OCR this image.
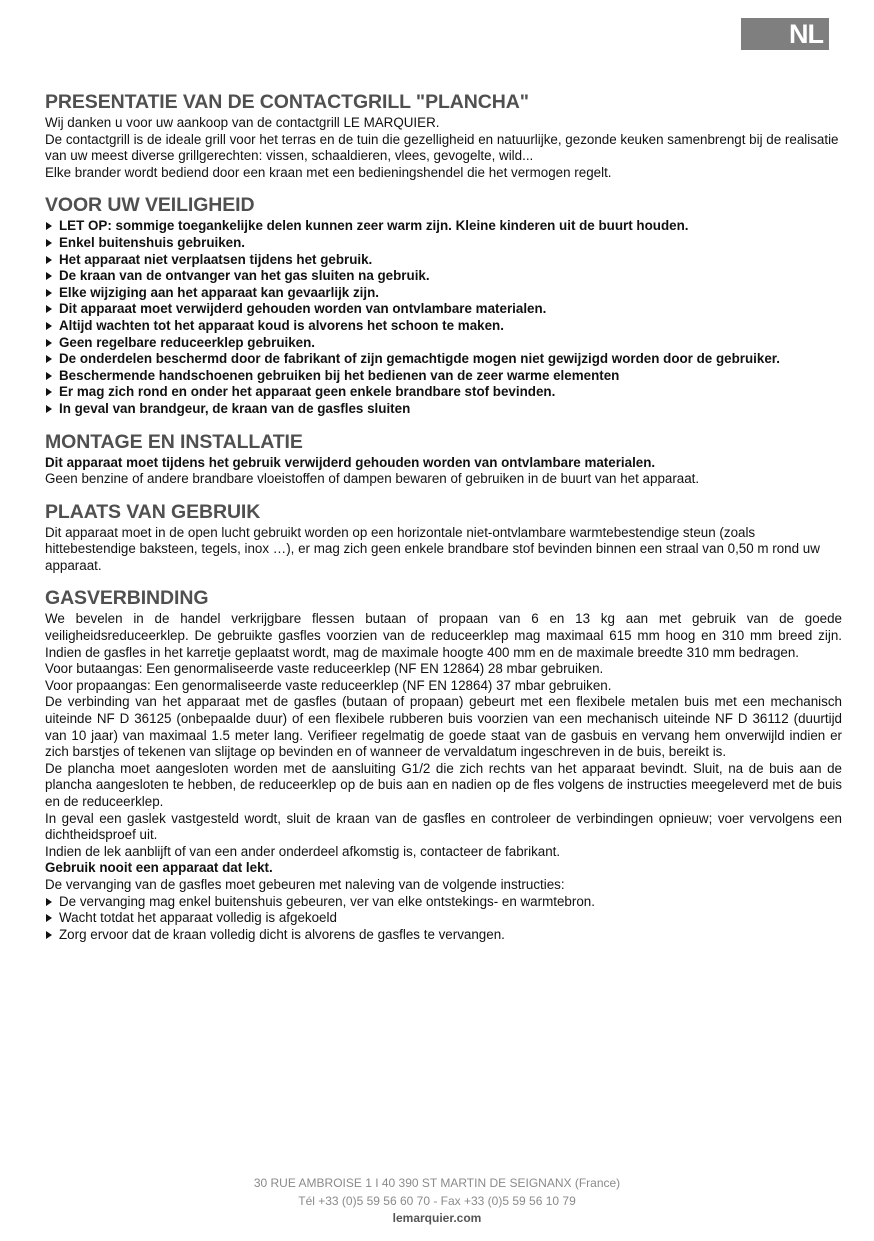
NL
PRESENTATIE VAN DE CONTACTGRILL "PLANCHA"

Wij danken u voor uw aankoop van de contactgrill LE MARQUIER.

De contactgrill is de ideale grill voor het terras en de tuin die gezelligheid en natuurlijke, gezonde keuken samenbrengt bij de realisatie van uw meest diverse grillgerechten: vissen, schaaldieren, vlees, gevogelte, wild...

Elke brander wordt bediend door een kraan met een bedieningshendel die het vermogen regelt.

VOOR UW VEILIGHEID
LET OP: sommige toegankelijke delen kunnen zeer warm zijn. Kleine kinderen uit de buurt houden.
Enkel buitenshuis gebruiken.
Het apparaat niet verplaatsen tijdens het gebruik.
De kraan van de ontvanger van het gas sluiten na gebruik.
Elke wijziging aan het apparaat kan gevaarlijk zijn.
Dit apparaat moet verwijderd gehouden worden van ontvlambare materialen.
Altijd wachten tot het apparaat koud is alvorens het schoon te maken.
Geen regelbare reduceerklep gebruiken.
De onderdelen beschermd door de fabrikant of zijn gemachtigde mogen niet gewijzigd worden door de gebruiker.
Beschermende handschoenen gebruiken bij het bedienen van de zeer warme elementen
Er mag zich rond en onder het apparaat geen enkele brandbare stof bevinden.
In geval van brandgeur, de kraan van de gasfles sluiten
MONTAGE EN INSTALLATIE

Dit apparaat moet tijdens het gebruik verwijderd gehouden worden van ontvlambare materialen.

Geen benzine of andere brandbare vloeistoffen of dampen bewaren of gebruiken in de buurt van het apparaat.

PLAATS VAN GEBRUIK

Dit apparaat moet in de open lucht gebruikt worden op een horizontale niet-ontvlambare warmtebestendige steun (zoals hittebestendige baksteen, tegels, inox …), er mag zich geen enkele brandbare stof bevinden binnen een straal van 0,50 m rond uw apparaat.

GASVERBINDING

We bevelen in de handel verkrijgbare flessen butaan of propaan van 6 en 13 kg aan met gebruik van de goede veiligheidsreduceerklep. De gebruikte gasfles voorzien van de reduceerklep mag maximaal 615 mm hoog en 310 mm breed zijn. Indien de gasfles in het karretje geplaatst wordt, mag de maximale hoogte 400 mm en de maximale breedte 310 mm bedragen.

Voor butaangas: Een genormaliseerde vaste reduceerklep (NF EN 12864) 28 mbar gebruiken.

Voor propaangas: Een genormaliseerde vaste reduceerklep (NF EN 12864) 37 mbar gebruiken.

De verbinding van het apparaat met de gasfles (butaan of propaan) gebeurt met een flexibele metalen buis met een mechanisch uiteinde NF D 36125 (onbepaalde duur) of een flexibele rubberen buis voorzien van een mechanisch uiteinde NF D 36112 (duurtijd van 10 jaar) van maximaal 1.5 meter lang. Verifieer regelmatig de goede staat van de gasbuis en vervang hem onverwijld indien er zich barstjes of tekenen van slijtage op bevinden en of wanneer de vervaldatum ingeschreven in de buis, bereikt is.

De plancha moet aangesloten worden met de aansluiting G1/2 die zich rechts van het apparaat bevindt. Sluit, na de buis aan de plancha aangesloten te hebben, de reduceerklep op de buis aan en nadien op de fles volgens de instructies meegeleverd met de buis en de reduceerklep.

In geval een gaslek vastgesteld wordt, sluit de kraan van de gasfles en controleer de verbindingen opnieuw; voer vervolgens een dichtheidsproef uit.

Indien de lek aanblijft of van een ander onderdeel afkomstig is, contacteer de fabrikant.

Gebruik nooit een apparaat dat lekt.

De vervanging van de gasfles moet gebeuren met naleving van de volgende instructies:

De vervanging mag enkel buitenshuis gebeuren, ver van elke ontstekings- en warmtebron.
Wacht totdat het apparaat volledig is afgekoeld
Zorg ervoor dat de kraan volledig dicht is alvorens de gasfles te vervangen.
30 RUE AMBROISE 1 I 40 390 ST MARTIN DE SEIGNANX (France)
Tél +33 (0)5 59 56 60 70 - Fax +33 (0)5 59 56 10 79
lemarquier.com
